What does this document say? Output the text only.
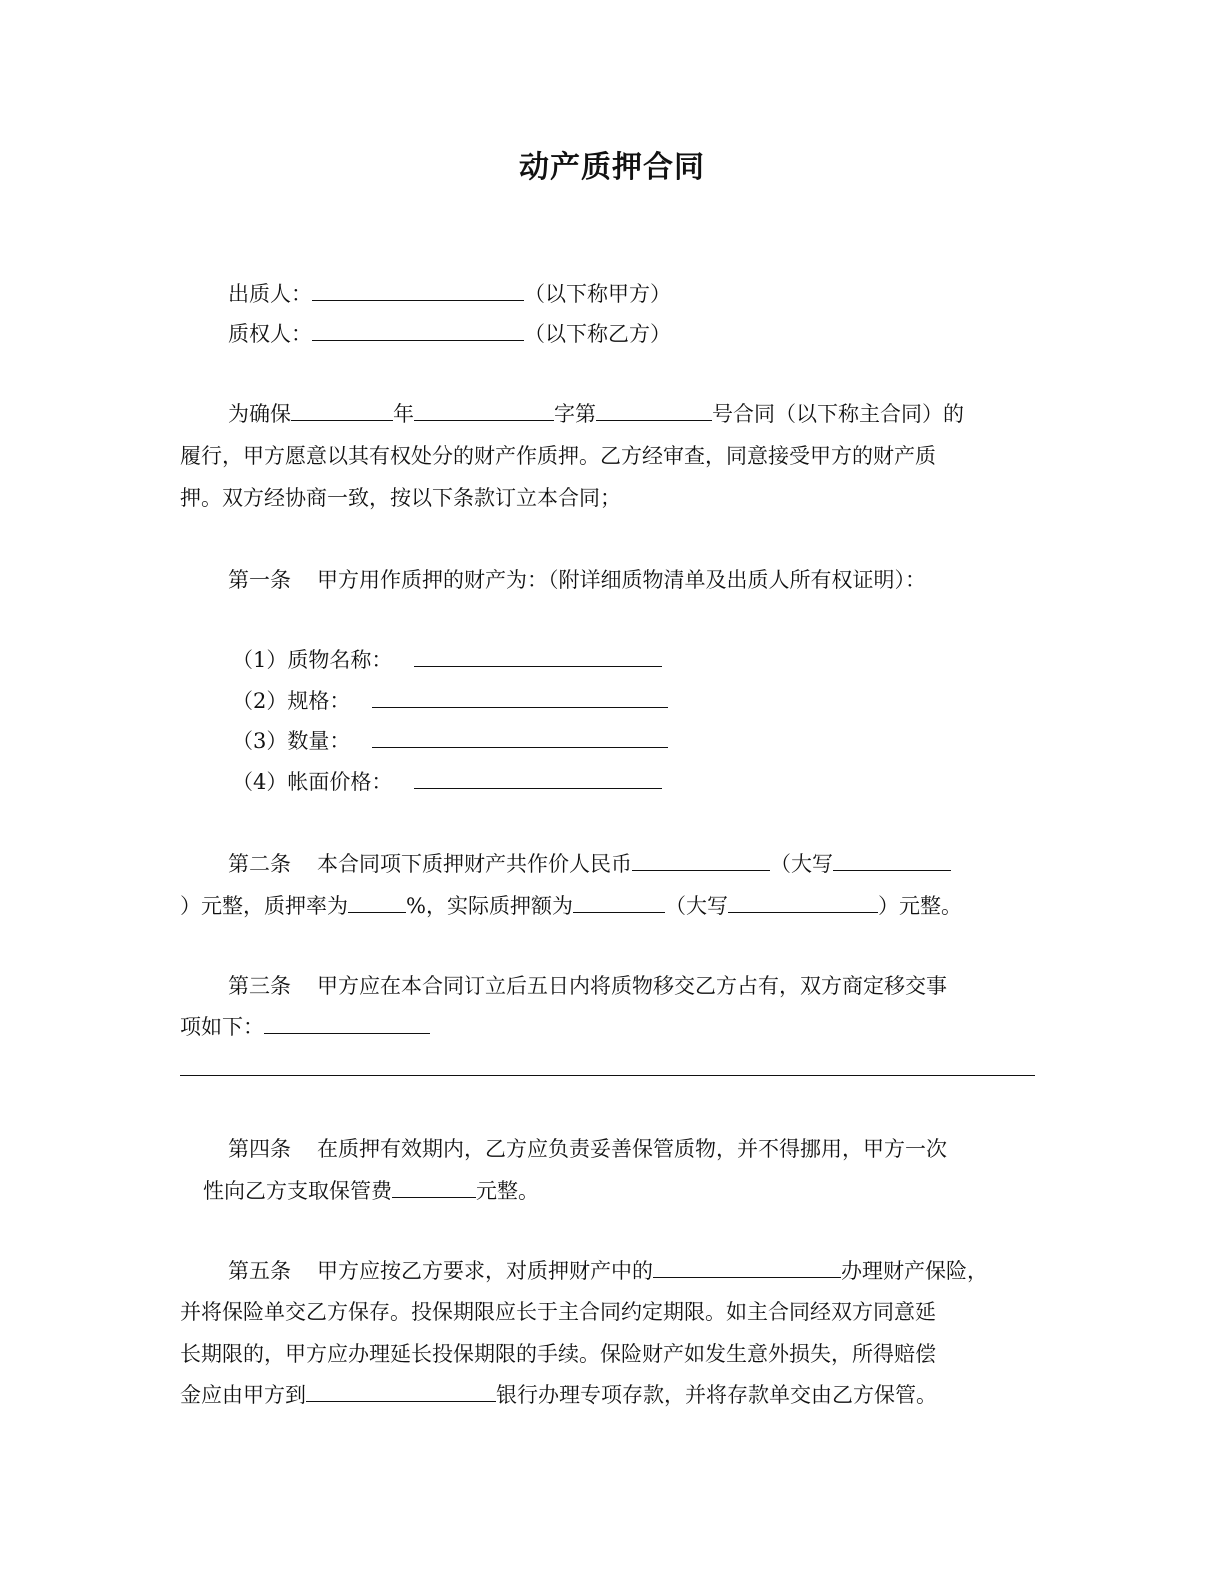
动产质押合同
出质人：	（以下称甲方）
质权人：	（以下称乙方）
为确保	年	字第	号合同（以下称主合同）的
履行，甲方愿意以其有权处分的财产作质押。乙方经审查，同意接受甲方的财产质
押。双方经协商一致，按以下条款订立本合同；
第一条 甲方用作质押的财产为：（附详细质物清单及出质人所有权证明）：
（1）质物名称：
（2）规格：
（3）数量：
（4）帐面价格：
第二条 本合同项下质押财产共作价人民币	（大写
）元整，质押率为	%，实际质押额为	（大写	）元整。
第三条 甲方应在本合同订立后五日内将质物移交乙方占有，双方商定移交事
项如下：
第四条 在质押有效期内，乙方应负责妥善保管质物，并不得挪用，甲方一次
性向乙方支取保管费	元整。
第五条 甲方应按乙方要求，对质押财产中的	办理财产保险，
并将保险单交乙方保存。投保期限应长于主合同约定期限。如主合同经双方同意延
长期限的，甲方应办理延长投保期限的手续。保险财产如发生意外损失，所得赔偿
金应由甲方到	银行办理专项存款，并将存款单交由乙方保管。
